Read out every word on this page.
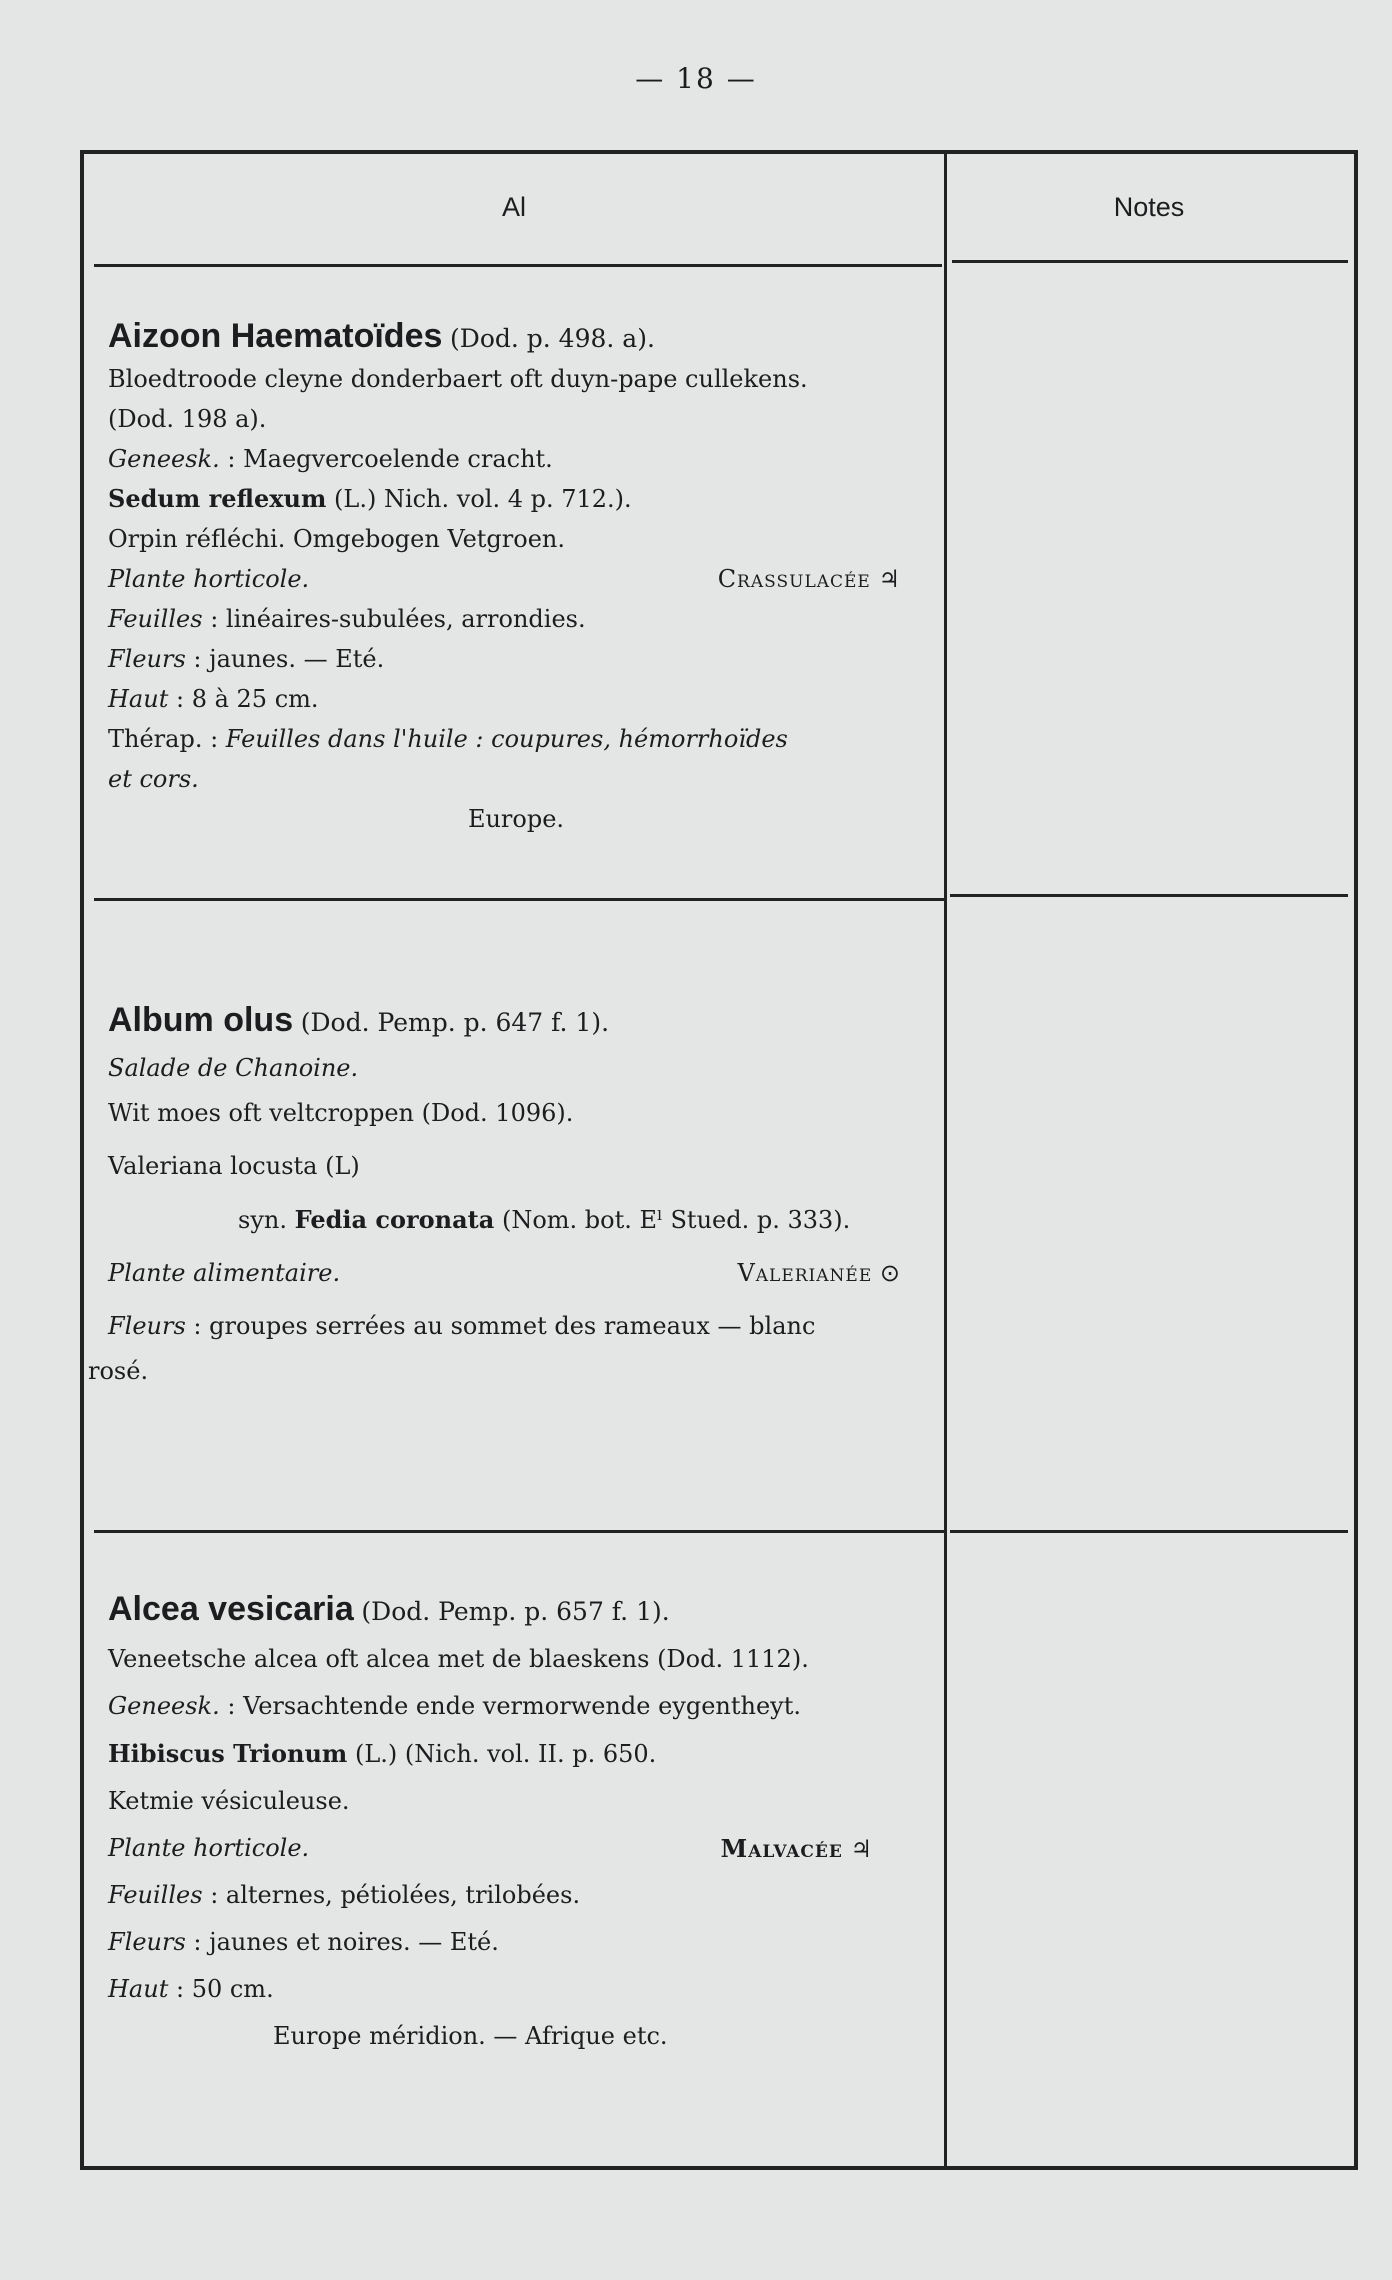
— 18 —
Al	Notes
Aizoon Haematoïdes (Dod. p. 498. a).
Bloedtroode cleyne donderbaert oft duyn-pape cullekens.
(Dod. 198 a).
Geneesk. : Maegvercoelende cracht.
Sedum reflexum (L.) Nich. vol. 4 p. 712.).
Orpin réfléchi. Omgebogen Vetgroen.
Plante horticole.	Crassulacée ♃
Feuilles : linéaires-subulées, arrondies.
Fleurs : jaunes. — Eté.
Haut : 8 à 25 cm.
Thérap. : Feuilles dans l'huile : coupures, hémorrhoïdes
et cors.
Europe.
Album olus (Dod. Pemp. p. 647 f. 1).
Salade de Chanoine.
Wit moes oft veltcroppen (Dod. 1096).
Valeriana locusta (L)
syn. Fedia coronata (Nom. bot. Eˡ Stued. p. 333).
Plante alimentaire.	Valerianée ⊙
Fleurs : groupes serrées au sommet des rameaux — blanc
rosé.
Alcea vesicaria (Dod. Pemp. p. 657 f. 1).
Veneetsche alcea oft alcea met de blaeskens (Dod. 1112).
Geneesk. : Versachtende ende vermorwende eygentheyt.
Hibiscus Trionum (L.) (Nich. vol. II. p. 650.
Ketmie vésiculeuse.
Plante horticole.	Malvacée ♃
Feuilles : alternes, pétiolées, trilobées.
Fleurs : jaunes et noires. — Eté.
Haut : 50 cm.
Europe méridion. — Afrique etc.
